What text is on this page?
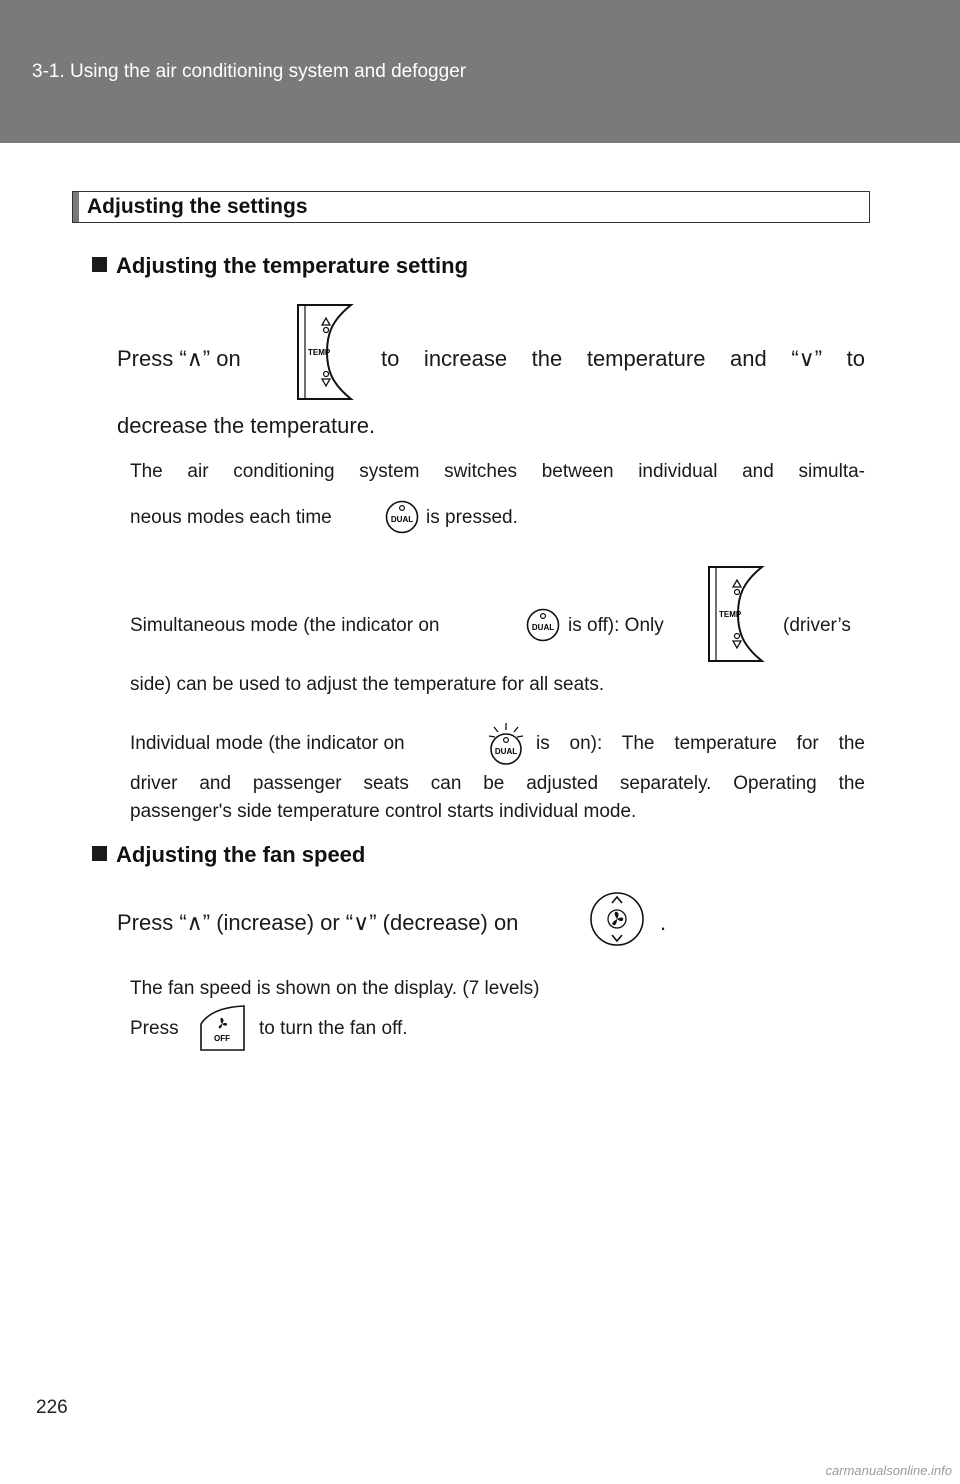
3-1. Using the air conditioning system and defogger
Adjusting the settings
Adjusting the temperature setting
Press “∧” on	TEMP to increase the temperature and “∨” to
decrease the temperature.
The air conditioning system switches between individual and simulta-
neous modes each time	DUAL is pressed.
Simultaneous mode (the indicator on	DUAL is off): Only
TEMP
(driver’s
side) can be used to adjust the temperature for all seats.
Individual mode (the indicator on	DUAL is on): The temperature for the
driver and passenger seats can be adjusted separately. Operating the
passenger's side temperature control starts individual mode.
Adjusting the fan speed
Press “∧” (increase) or “∨” (decrease) on	.
The fan speed is shown on the display. (7 levels)
Press	OFF to turn the fan off.
226
carmanualsonline.info
